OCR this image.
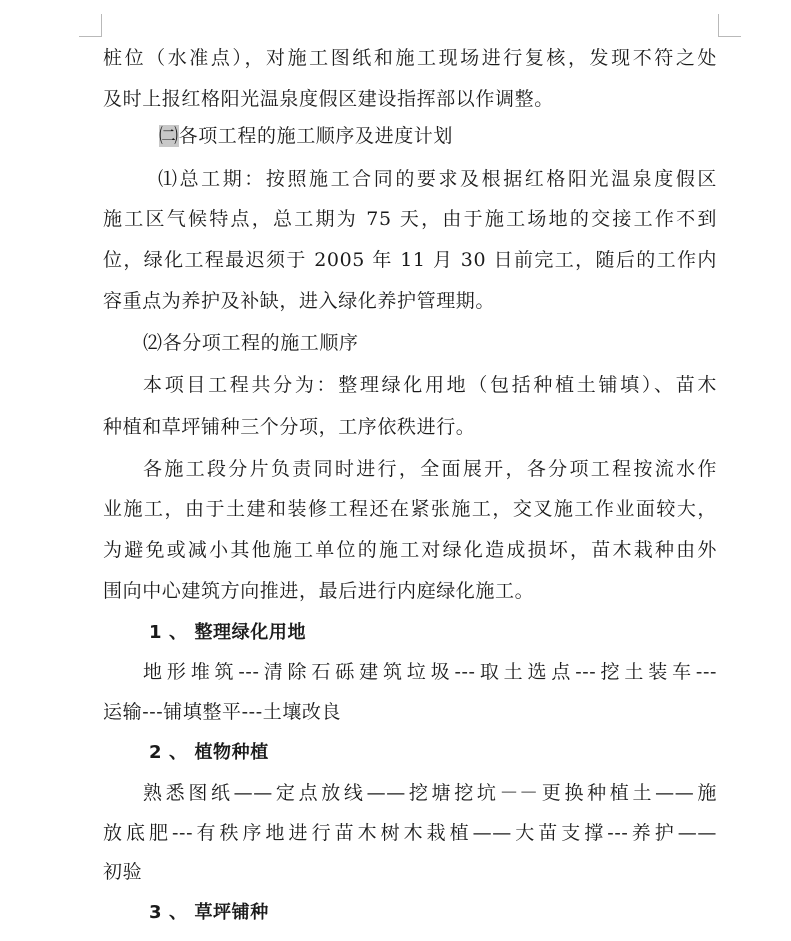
桩位（水准点），对施工图纸和施工现场进行复核，发现不符之处
及时上报红格阳光温泉度假区建设指挥部以作调整。
㈡各项工程的施工顺序及进度计划
⑴总工期：按照施工合同的要求及根据红格阳光温泉度假区
施工区气候特点，总工期为 75 天，由于施工场地的交接工作不到
位，绿化工程最迟须于 2005 年 11 月 30 日前完工，随后的工作内
容重点为养护及补缺，进入绿化养护管理期。
⑵各分项工程的施工顺序
本项目工程共分为：整理绿化用地（包括种植土铺填）、苗木
种植和草坪铺种三个分项，工序依秩进行。
各施工段分片负责同时进行，全面展开，各分项工程按流水作
业施工，由于土建和装修工程还在紧张施工，交叉施工作业面较大，
为避免或减小其他施工单位的施工对绿化造成损坏，苗木栽种由外
围向中心建筑方向推进，最后进行内庭绿化施工。
1 、 整理绿化用地
地形堆筑---清除石砾建筑垃圾---取土选点---挖土装车---
运输---铺填整平---土壤改良
2 、 植物种植
熟悉图纸——定点放线——挖塘挖坑－－更换种植土——施
放底肥---有秩序地进行苗木树木栽植——大苗支撑---养护——
初验
3 、 草坪铺种
